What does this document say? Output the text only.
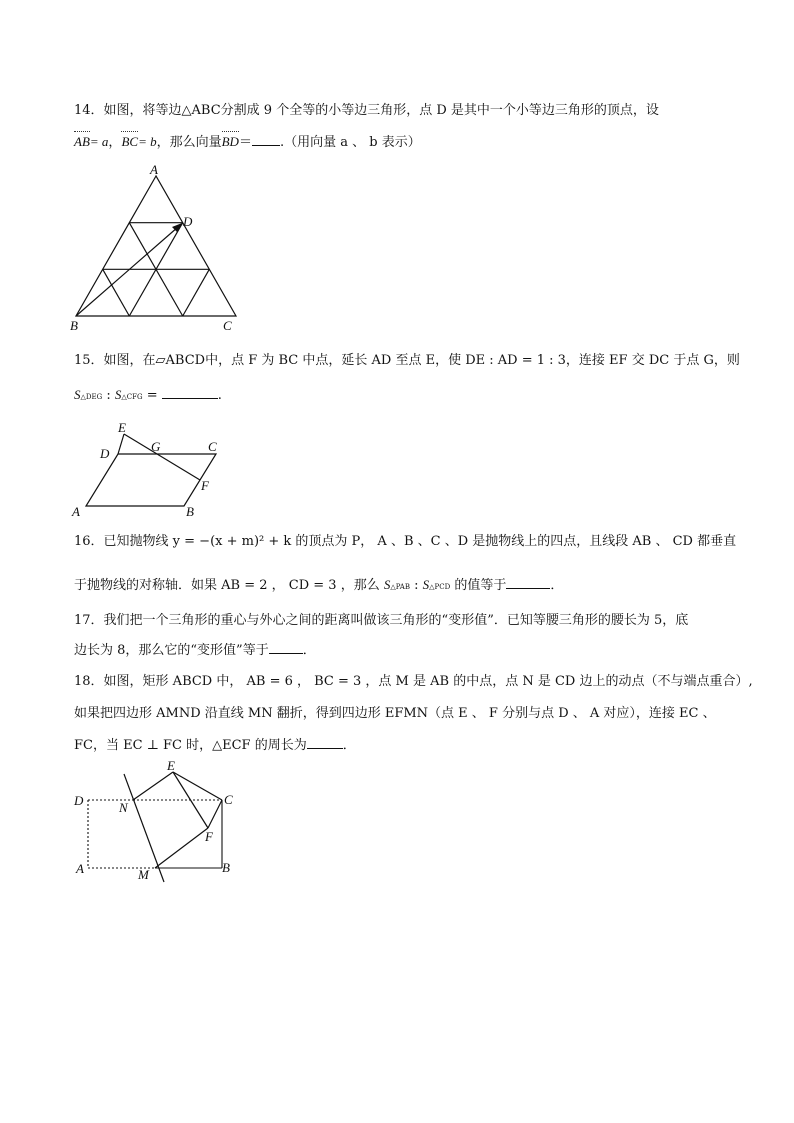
14．如图，将等边△ABC分割成 9 个全等的小等边三角形，点 D 是其中一个小等边三角形的顶点，设
AB= a，BC= b，那么向量BD＝ .（用向量 a 、 b 表示）
A
B	C
D
15．如图，在▱ABCD中，点 F 为 BC 中点，延长 AD 至点 E，使 DE : AD = 1 : 3，连接 EF 交 DC 于点 G，则
S△DEG : S△CFG =	.
E
G	C
D
F
A	B
16．已知抛物线 y = −(x + m)² + k 的顶点为 P， A 、B 、C 、D 是抛物线上的四点，且线段 AB 、 CD 都垂直
于抛物线的对称轴．如果 AB = 2 ， CD = 3 ，那么 S△PAB : S△PCD 的值等于	．
17．我们把一个三角形的重心与外心之间的距离叫做该三角形的“变形值”．已知等腰三角形的腰长为 5，底
边长为 8，那么它的“变形值”等于	．
18．如图，矩形 ABCD 中， AB = 6 ， BC = 3 ，点 M 是 AB 的中点，点 N 是 CD 边上的动点（不与端点重合）,
如果把四边形 AMND 沿直线 MN 翻折，得到四边形 EFMN（点 E 、 F 分别与点 D 、 A 对应），连接 EC 、
FC，当 EC ⊥ FC 时，△ECF 的周长为	．
E
D	N
C
F
A	M	B
